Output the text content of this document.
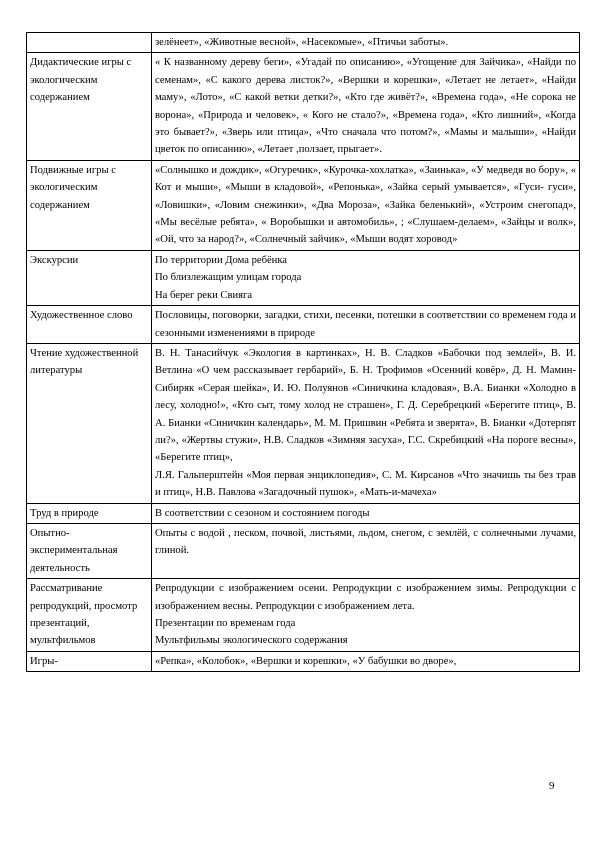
	зелёнеет», «Животные весной», «Насекомые», «Птичьи заботы».

Дидактические игры с экологическим содержанием	« К названному дереву беги», «Угадай по описанию», «Угощение для Зайчика», «Найди по семенам», «С какого дерева листок?», «Вершки и корешки», «Летает не летает», «Найди маму», «Лото», «С какой ветки детки?», «Кто где живёт?», «Времена года», «Не сорока не ворона», «Природа и человек», « Кого не стало?», «Времена года», «Кто лишний», «Когда это бывает?», «Зверь или птица», «Что сначала что потом?», «Мамы и малыши», «Найди цветок по описанию», «Летает ,ползает, прыгает».

Подвижные игры с экологическим содержанием	«Солнышко и дождик», «Огуречик», «Курочка-хохлатка», «Заинька», «У медведя во бору», « Кот и мыши», «Мыши в кладовой», «Репонька», «Зайка серый умывается», «Гуси- гуси», «Ловишки», «Ловим снежинки», «Два Мороза», «Зайка беленький», «Устроим снегопад», «Мы весёлые ребята», « Воробышки и автомобиль», ; «Слушаем-делаем», «Зайцы и волк», «Ой, что за народ?», «Солнечный зайчик», «Мыши водят хоровод»

Экскурсии	По территории Дома ребёнка
По близлежащим улицам города
На берег реки Свияга

Художественное слово	Пословицы, поговорки, загадки, стихи, песенки, потешки в соответствии со временем года и сезонными изменениями в природе

Чтение художественной литературы	В. Н. Танасийчук «Экология в картинках», Н. В. Сладков «Бабочки под землей», В. И. Ветлина «О чем рассказывает гербарий», Б. Н. Трофимов «Осенний ковёр», Д. Н. Мамин-Сибиряк «Серая шейка», И. Ю. Полуянов «Синичкина кладовая», В.А. Бианки «Холодно в лесу, холодно!», «Кто сыт, тому холод не страшен», Г. Д. Серебрецкий «Берегите птиц», В. А. Бианки «Синичкин календарь», М. М. Пришвин «Ребята и зверята», В. Бианки «Дотерпят ли?», «Жертвы стужи», Н.В. Сладков «Зимняя засуха», Г.С. Скребицкий «На пороге весны», «Берегите птиц»,
Л.Я. Гальперштейн «Моя первая энциклопедия», С. М. Кирсанов «Что значишь ты без трав и птиц», Н.В. Павлова «Загадочный пушок», «Мать-и-мачеха»

Труд в природе	В соответствии с сезоном и состоянием погоды

Опытно-экспериментальная деятельность	Опыты с водой , песком, почвой, листьями, льдом, снегом, с землёй, с солнечными лучами, глиной.

Рассматривание репродукций, просмотр презентаций, мультфильмов	Репродукции с изображением осени. Репродукции с изображением зимы. Репродукции с изображением весны. Репродукции с изображением лета.
Презентации по временам года
Мультфильмы экологического содержания

Игры-	«Репка», «Колобок», «Вершки и корешки», «У бабушки во дворе»,
9
